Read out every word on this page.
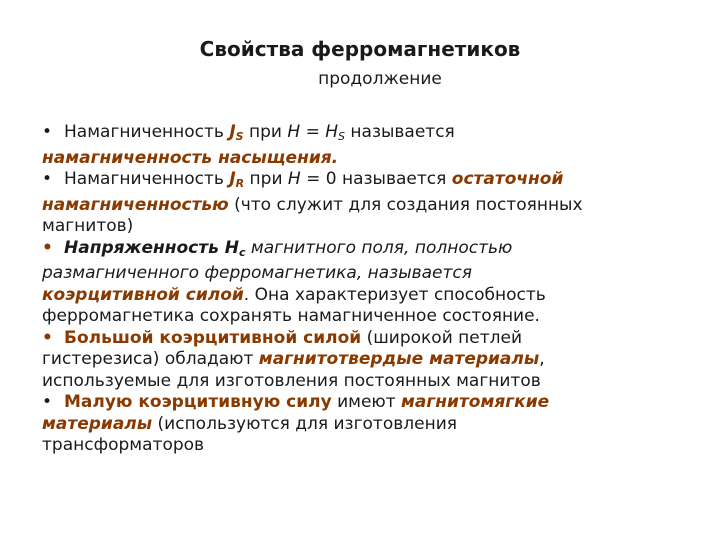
Свойства ферромагнетиков
продолжение
• Намагниченность $J_S$ при $H = H_S$ называется
намагниченность насыщения.
• Намагниченность $J_R$ при H = 0 называется остаточной
намагниченностью (что служит для создания постоянных
магнитов)
• Напряженность $H_c$ магнитного поля, полностью
размагниченного ферромагнетика, называется
коэрцитивной силой. Она характеризует способность
ферромагнетика сохранять намагниченное состояние.
• Большой коэрцитивной силой (широкой петлей
гистерезиса) обладают магнитотвердые материалы,
используемые для изготовления постоянных магнитов
• Малую коэрцитивную силу имеют магнитомягкие
материалы (используются для изготовления
трансформаторов
